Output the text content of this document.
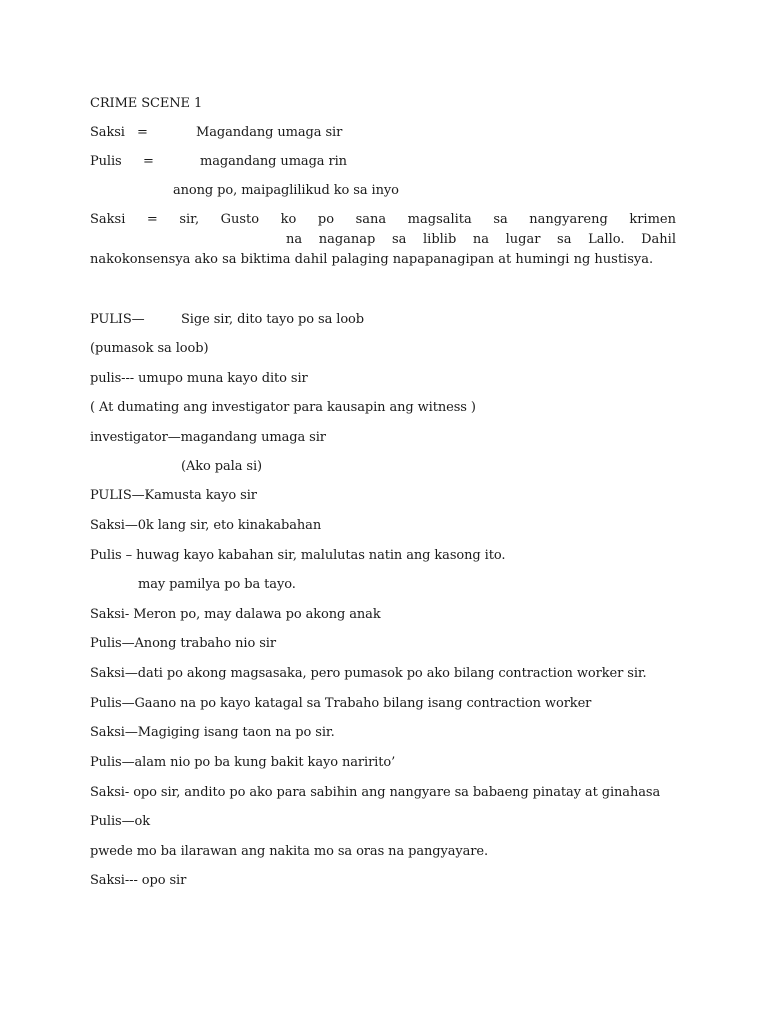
CRIME SCENE 1
Saksi =	Magandang umaga sir
Pulis =	magandang umaga rin
anong po, maipaglilikud ko sa inyo
Saksi = sir, Gusto ko po sana magsalita sa nangyareng krimenna naganap sa liblib na lugar sa Lallo. Dahil nakokonsensya ako sa biktima dahil palaging napapanagipan at humingi ng hustisya.
PULIS—	Sige sir, dito tayo po sa loob
(pumasok sa loob)
pulis--- umupo muna kayo dito sir
( At dumating ang investigator para kausapin ang witness )
investigator—magandang umaga sir
(Ako pala si)
PULIS—Kamusta kayo sir
Saksi—0k lang sir, eto kinakabahan
Pulis – huwag kayo kabahan sir, malulutas natin ang kasong ito.
may pamilya po ba tayo.
Saksi- Meron po, may dalawa po akong anak
Pulis—Anong trabaho nio sir
Saksi—dati po akong magsasaka, pero pumasok po ako bilang contraction worker sir.
Pulis—Gaano na po kayo katagal sa Trabaho bilang isang contraction worker
Saksi—Magiging isang taon na po sir.
Pulis—alam nio po ba kung bakit kayo naririto’
Saksi- opo sir, andito po ako para sabihin ang nangyare sa babaeng pinatay at ginahasa
Pulis—ok
pwede mo ba ilarawan ang nakita mo sa oras na pangyayare.
Saksi--- opo sir
